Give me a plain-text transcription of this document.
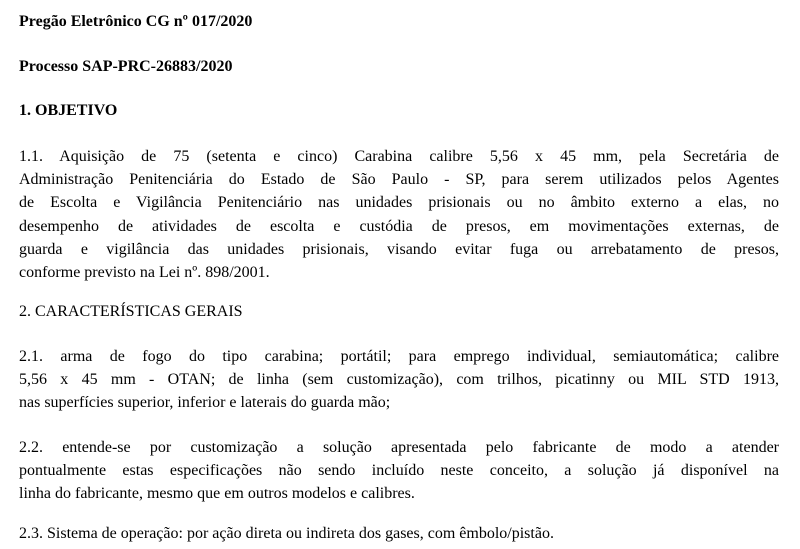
Pregão Eletrônico CG nº 017/2020
Processo SAP-PRC-26883/2020
1. OBJETIVO
1.1. Aquisição de 75 (setenta e cinco) Carabina calibre 5,56 x 45 mm, pela Secretária de
Administração Penitenciária do Estado de São Paulo - SP, para serem utilizados pelos Agentes
de Escolta e Vigilância Penitenciário nas unidades prisionais ou no âmbito externo a elas, no
desempenho de atividades de escolta e custódia de presos, em movimentações externas, de
guarda e vigilância das unidades prisionais, visando evitar fuga ou arrebatamento de presos,
conforme previsto na Lei nº. 898/2001.
2. CARACTERÍSTICAS GERAIS
2.1. arma de fogo do tipo carabina; portátil; para emprego individual, semiautomática; calibre
5,56 x 45 mm - OTAN; de linha (sem customização), com trilhos, picatinny ou MIL STD 1913,
nas superfícies superior, inferior e laterais do guarda mão;
2.2. entende-se por customização a solução apresentada pelo fabricante de modo a atender
pontualmente estas especificações não sendo incluído neste conceito, a solução já disponível na
linha do fabricante, mesmo que em outros modelos e calibres.
2.3. Sistema de operação: por ação direta ou indireta dos gases, com êmbolo/pistão.
